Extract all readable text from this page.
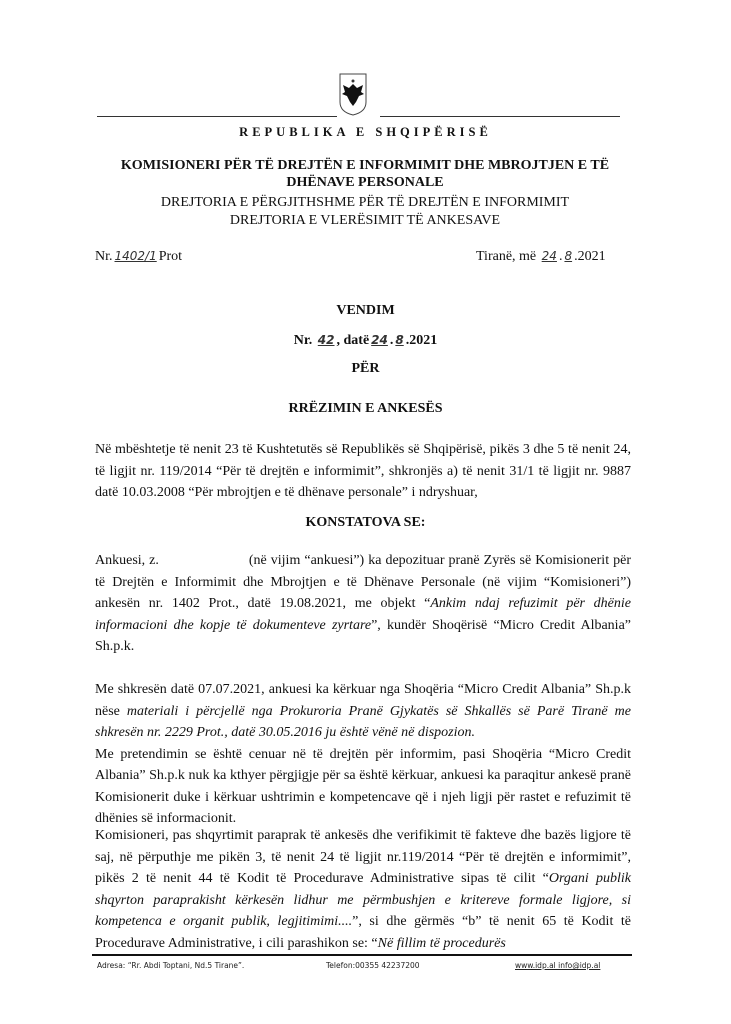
REPUBLIKA E SHQIPËRISË
KOMISIONERI PËR TË DREJTËN E INFORMIMIT DHE MBROJTJEN E TË DHËNAVE PERSONALE
DREJTORIA E PËRGJITHSHME PËR TË DREJTËN E INFORMIMIT
DREJTORIA E VLERËSIMIT TË ANKESAVE
Nr. 1402/1 Prot	Tiranë, më 24 . 8 .2021
VENDIM
Nr. 42 , datë 24 . 8 .2021
PËR
RRËZIMIN E ANKESËS
Në mbështetje të nenit 23 të Kushtetutës së Republikës së Shqipërisë, pikës 3 dhe 5 të nenit 24, të ligjit nr. 119/2014 “Për të drejtën e informimit”, shkronjës a) të nenit 31/1 të ligjit nr. 9887 datë 10.03.2008 “Për mbrojtjen e të dhënave personale” i ndryshuar,
KONSTATOVA SE:
Ankuesi, z.	(në vijim “ankuesi”) ka depozituar pranë Zyrës së Komisionerit për të Drejtën e Informimit dhe Mbrojtjen e të Dhënave Personale (në vijim “Komisioneri”) ankesën nr. 1402 Prot., datë 19.08.2021, me objekt “Ankim ndaj refuzimit për dhënie informacioni dhe kopje të dokumenteve zyrtare”, kundër Shoqërisë “Micro Credit Albania” Sh.p.k.
Me shkresën datë 07.07.2021, ankuesi ka kërkuar nga Shoqëria “Micro Credit Albania” Sh.p.k nëse materiali i përcjellë nga Prokuroria Pranë Gjykatës së Shkallës së Parë Tiranë me shkresën nr. 2229 Prot., datë 30.05.2016 ju është vënë në dispozion.
Me pretendimin se është cenuar në të drejtën për informim, pasi Shoqëria “Micro Credit Albania” Sh.p.k nuk ka kthyer përgjigje për sa është kërkuar, ankuesi ka paraqitur ankesë pranë Komisionerit duke i kërkuar ushtrimin e kompetencave që i njeh ligji për rastet e refuzimit të dhënies së informacionit.
Komisioneri, pas shqyrtimit paraprak të ankesës dhe verifikimit të fakteve dhe bazës ligjore të saj, në përputhje me pikën 3, të nenit 24 të ligjit nr.119/2014 “Për të drejtën e informimit”, pikës 2 të nenit 44 të Kodit të Procedurave Administrative sipas të cilit “Organi publik shqyrton paraprakisht kërkesën lidhur me përmbushjen e kritereve formale ligjore, si kompetenca e organit publik, legjitimimi....”, si dhe gërmës “b” të nenit 65 të Kodit të Procedurave Administrative, i cili parashikon se: “Në fillim të procedurës
Adresa: “Rr. Abdi Toptani, Nd.5 Tirane”.	Telefon:00355 42237200	www.idp.al info@idp.al
